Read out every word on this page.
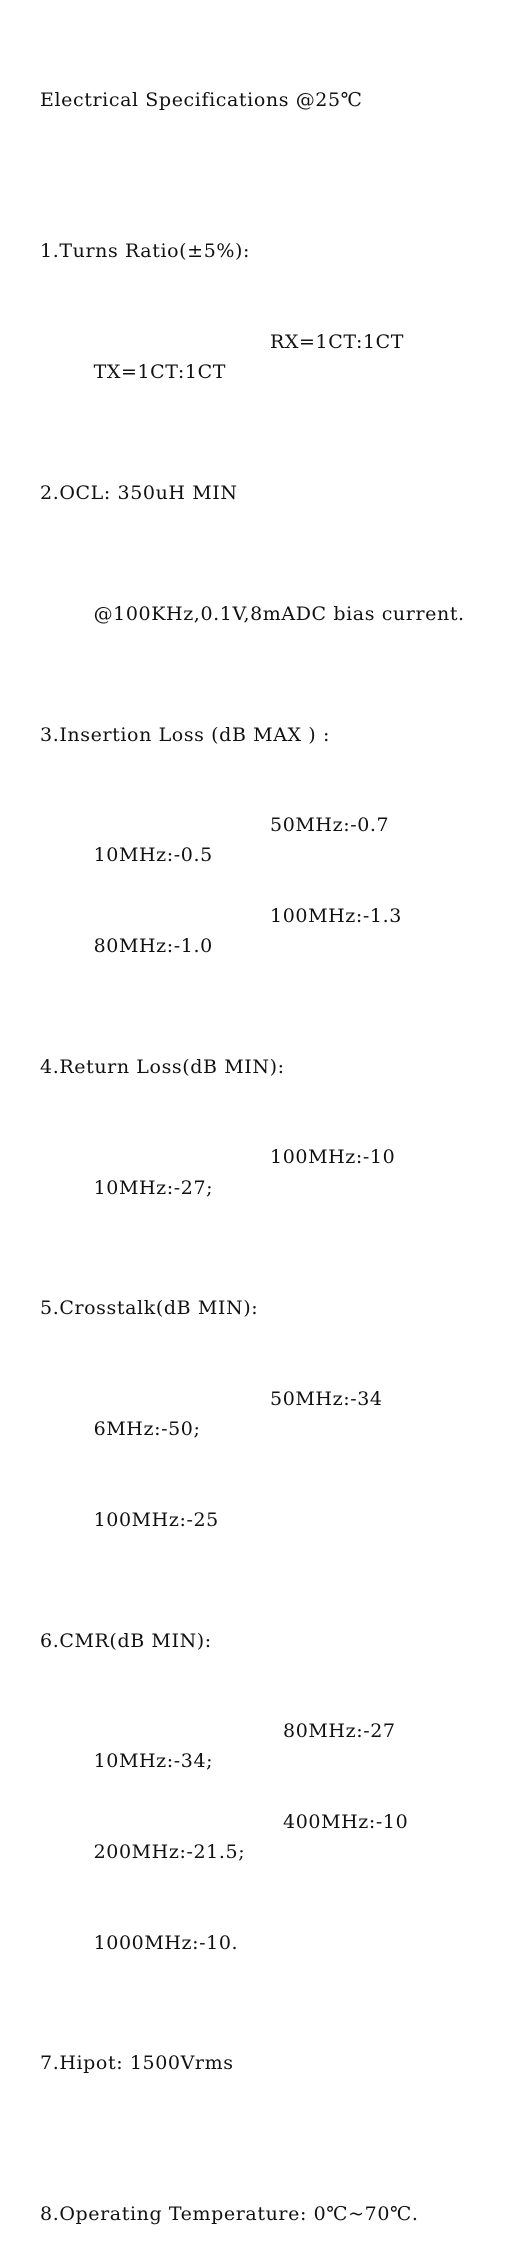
Electrical Specifications @25℃

1.Turns Ratio(±5%):

TX=1CT:1CT

RX=1CT:1CT

2.OCL: 350uH MIN

@100KHz,0.1V,8mADC bias current.

3.Insertion Loss (dB MAX ) :

10MHz:-0.5

50MHz:-0.7

80MHz:-1.0

100MHz:-1.3

4.Return Loss(dB MIN):

10MHz:-27;

100MHz:-10

5.Crosstalk(dB MIN):

6MHz:-50;

50MHz:-34

100MHz:-25

6.CMR(dB MIN):

10MHz:-34;

80MHz:-27

200MHz:-21.5;

400MHz:-10

1000MHz:-10.

7.Hipot: 1500Vrms

8.Operating Temperature: 0℃~70℃.
